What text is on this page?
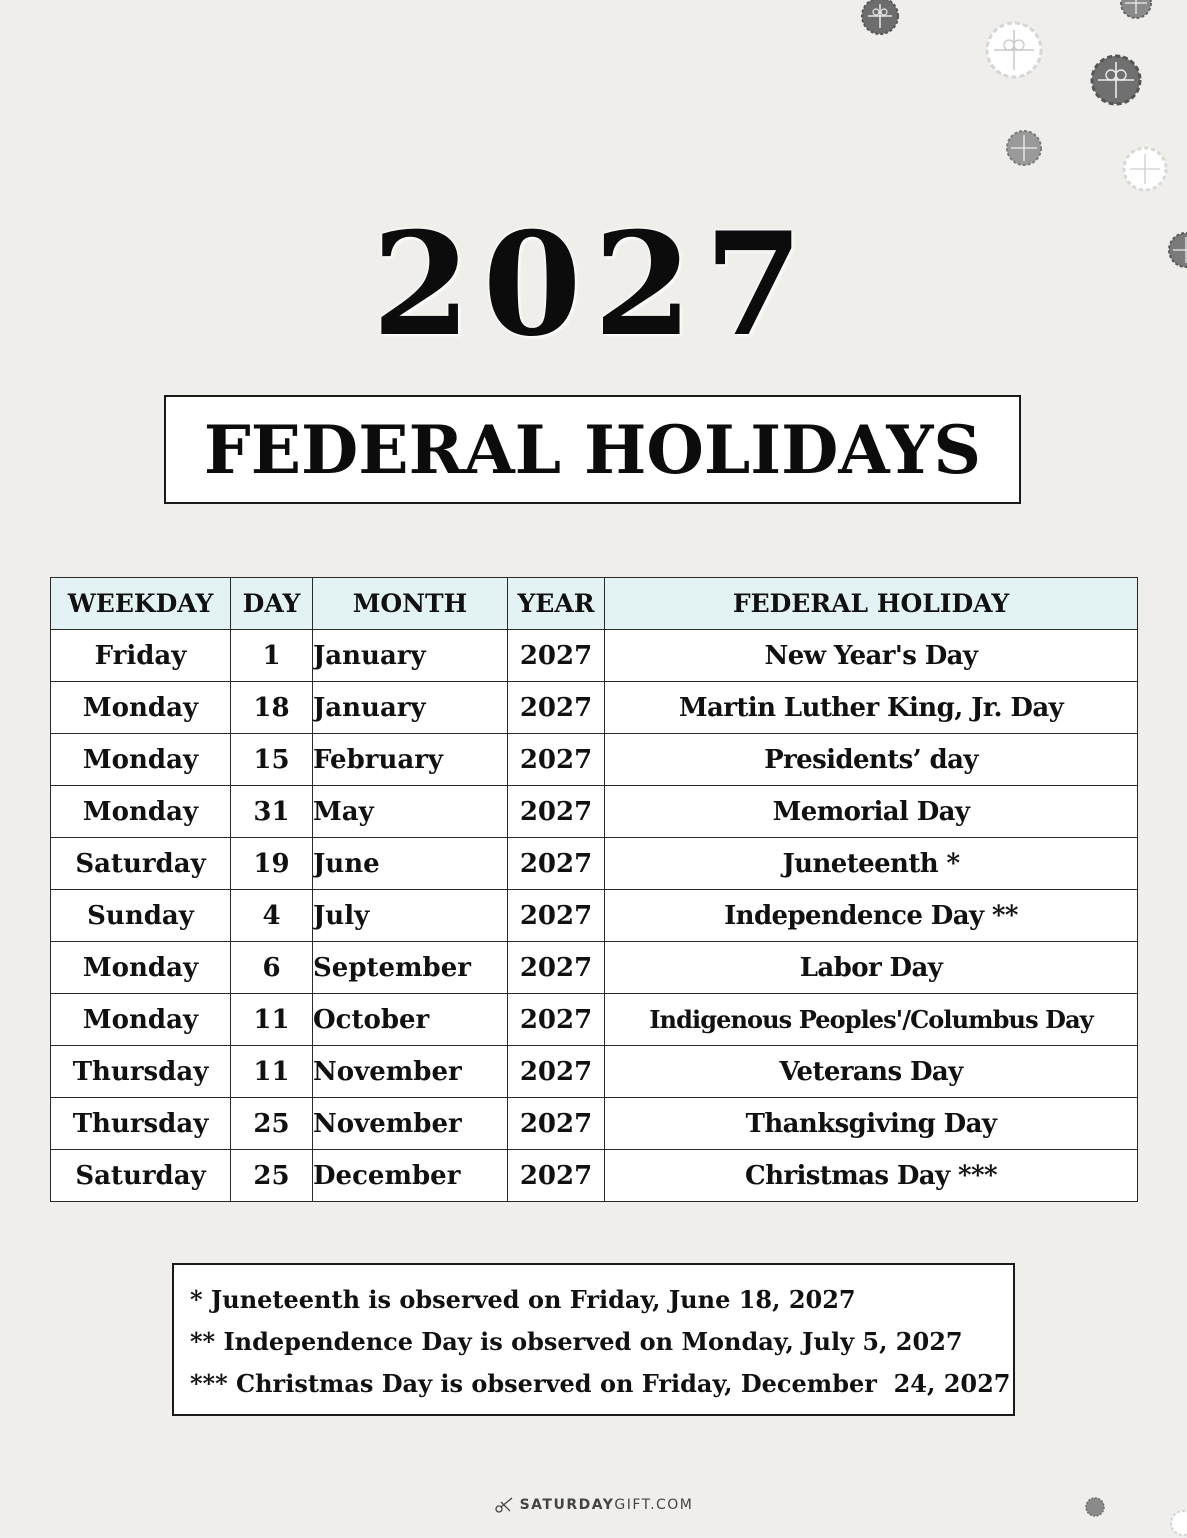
2027
FEDERAL HOLIDAYS
WEEKDAY	DAY	MONTH	YEAR	FEDERAL HOLIDAY
Friday	1	January	2027	New Year's Day
Monday	18	January	2027	Martin Luther King, Jr. Day
Monday	15	February	2027	Presidents’ day
Monday	31	May	2027	Memorial Day
Saturday	19	June	2027	Juneteenth *
Sunday	4	July	2027	Independence Day **
Monday	6	September	2027	Labor Day
Monday	11	October	2027	Indigenous Peoples'/Columbus Day
Thursday	11	November	2027	Veterans Day
Thursday	25	November	2027	Thanksgiving Day
Saturday	25	December	2027	Christmas Day ***
* Juneteenth is observed on Friday, June 18, 2027
** Independence Day is observed on Monday, July 5, 2027
*** Christmas Day is observed on Friday, December  24, 2027
SATURDAYGIFT.COM
